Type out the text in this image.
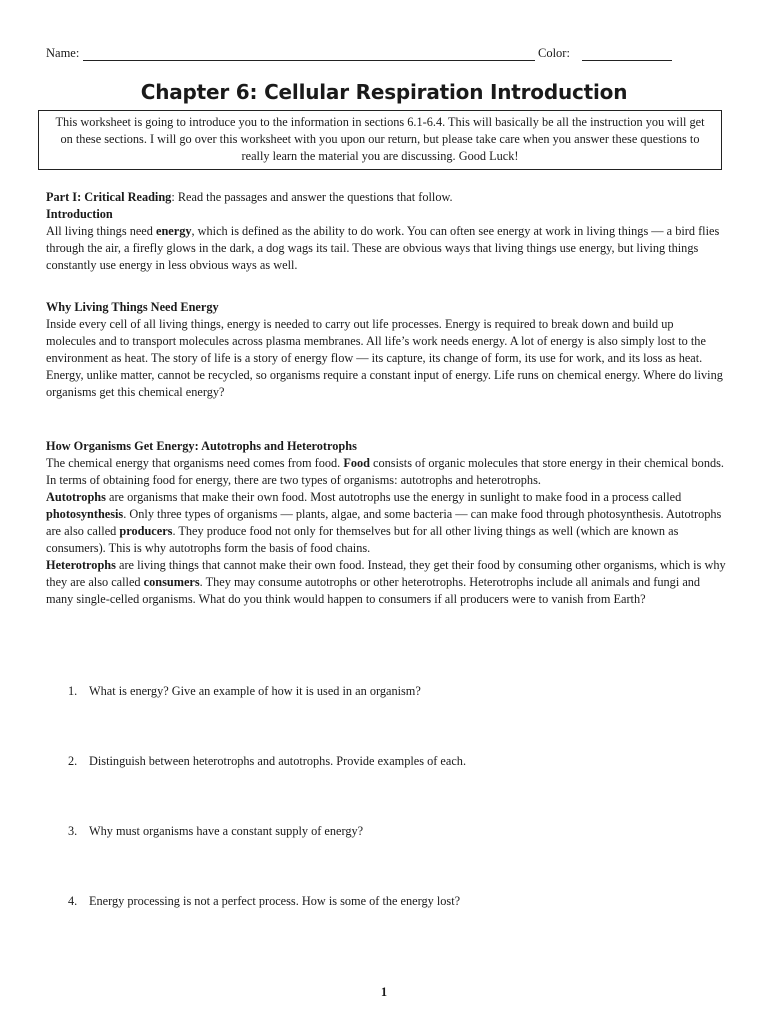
Name:	Color:
Chapter 6: Cellular Respiration Introduction
This worksheet is going to introduce you to the information in sections 6.1-6.4. This will basically be all the instruction you will get on these sections. I will go over this worksheet with you upon our return, but please take care when you answer these questions to really learn the material you are discussing. Good Luck!

Part I: Critical Reading: Read the passages and answer the questions that follow.

Introduction

All living things need energy, which is defined as the ability to do work. You can often see energy at work in living things — a bird flies through the air, a firefly glows in the dark, a dog wags its tail. These are obvious ways that living things use energy, but living things constantly use energy in less obvious ways as well.

Why Living Things Need Energy

Inside every cell of all living things, energy is needed to carry out life processes. Energy is required to break down and build up molecules and to transport molecules across plasma membranes. All life’s work needs energy. A lot of energy is also simply lost to the environment as heat. The story of life is a story of energy flow — its capture, its change of form, its use for work, and its loss as heat. Energy, unlike matter, cannot be recycled, so organisms require a constant input of energy. Life runs on chemical energy. Where do living organisms get this chemical energy?

How Organisms Get Energy: Autotrophs and Heterotrophs

The chemical energy that organisms need comes from food. Food consists of organic molecules that store energy in their chemical bonds. In terms of obtaining food for energy, there are two types of organisms: autotrophs and heterotrophs.

Autotrophs are organisms that make their own food. Most autotrophs use the energy in sunlight to make food in a process called photosynthesis. Only three types of organisms — plants, algae, and some bacteria — can make food through photosynthesis. Autotrophs are also called producers. They produce food not only for themselves but for all other living things as well (which are known as consumers). This is why autotrophs form the basis of food chains.

Heterotrophs are living things that cannot make their own food. Instead, they get their food by consuming other organisms, which is why they are also called consumers. They may consume autotrophs or other heterotrophs. Heterotrophs include all animals and fungi and many single-celled organisms. What do you think would happen to consumers if all producers were to vanish from Earth?

1. What is energy? Give an example of how it is used in an organism?
2. Distinguish between heterotrophs and autotrophs. Provide examples of each.
3. Why must organisms have a constant supply of energy?
4. Energy processing is not a perfect process. How is some of the energy lost?
1
